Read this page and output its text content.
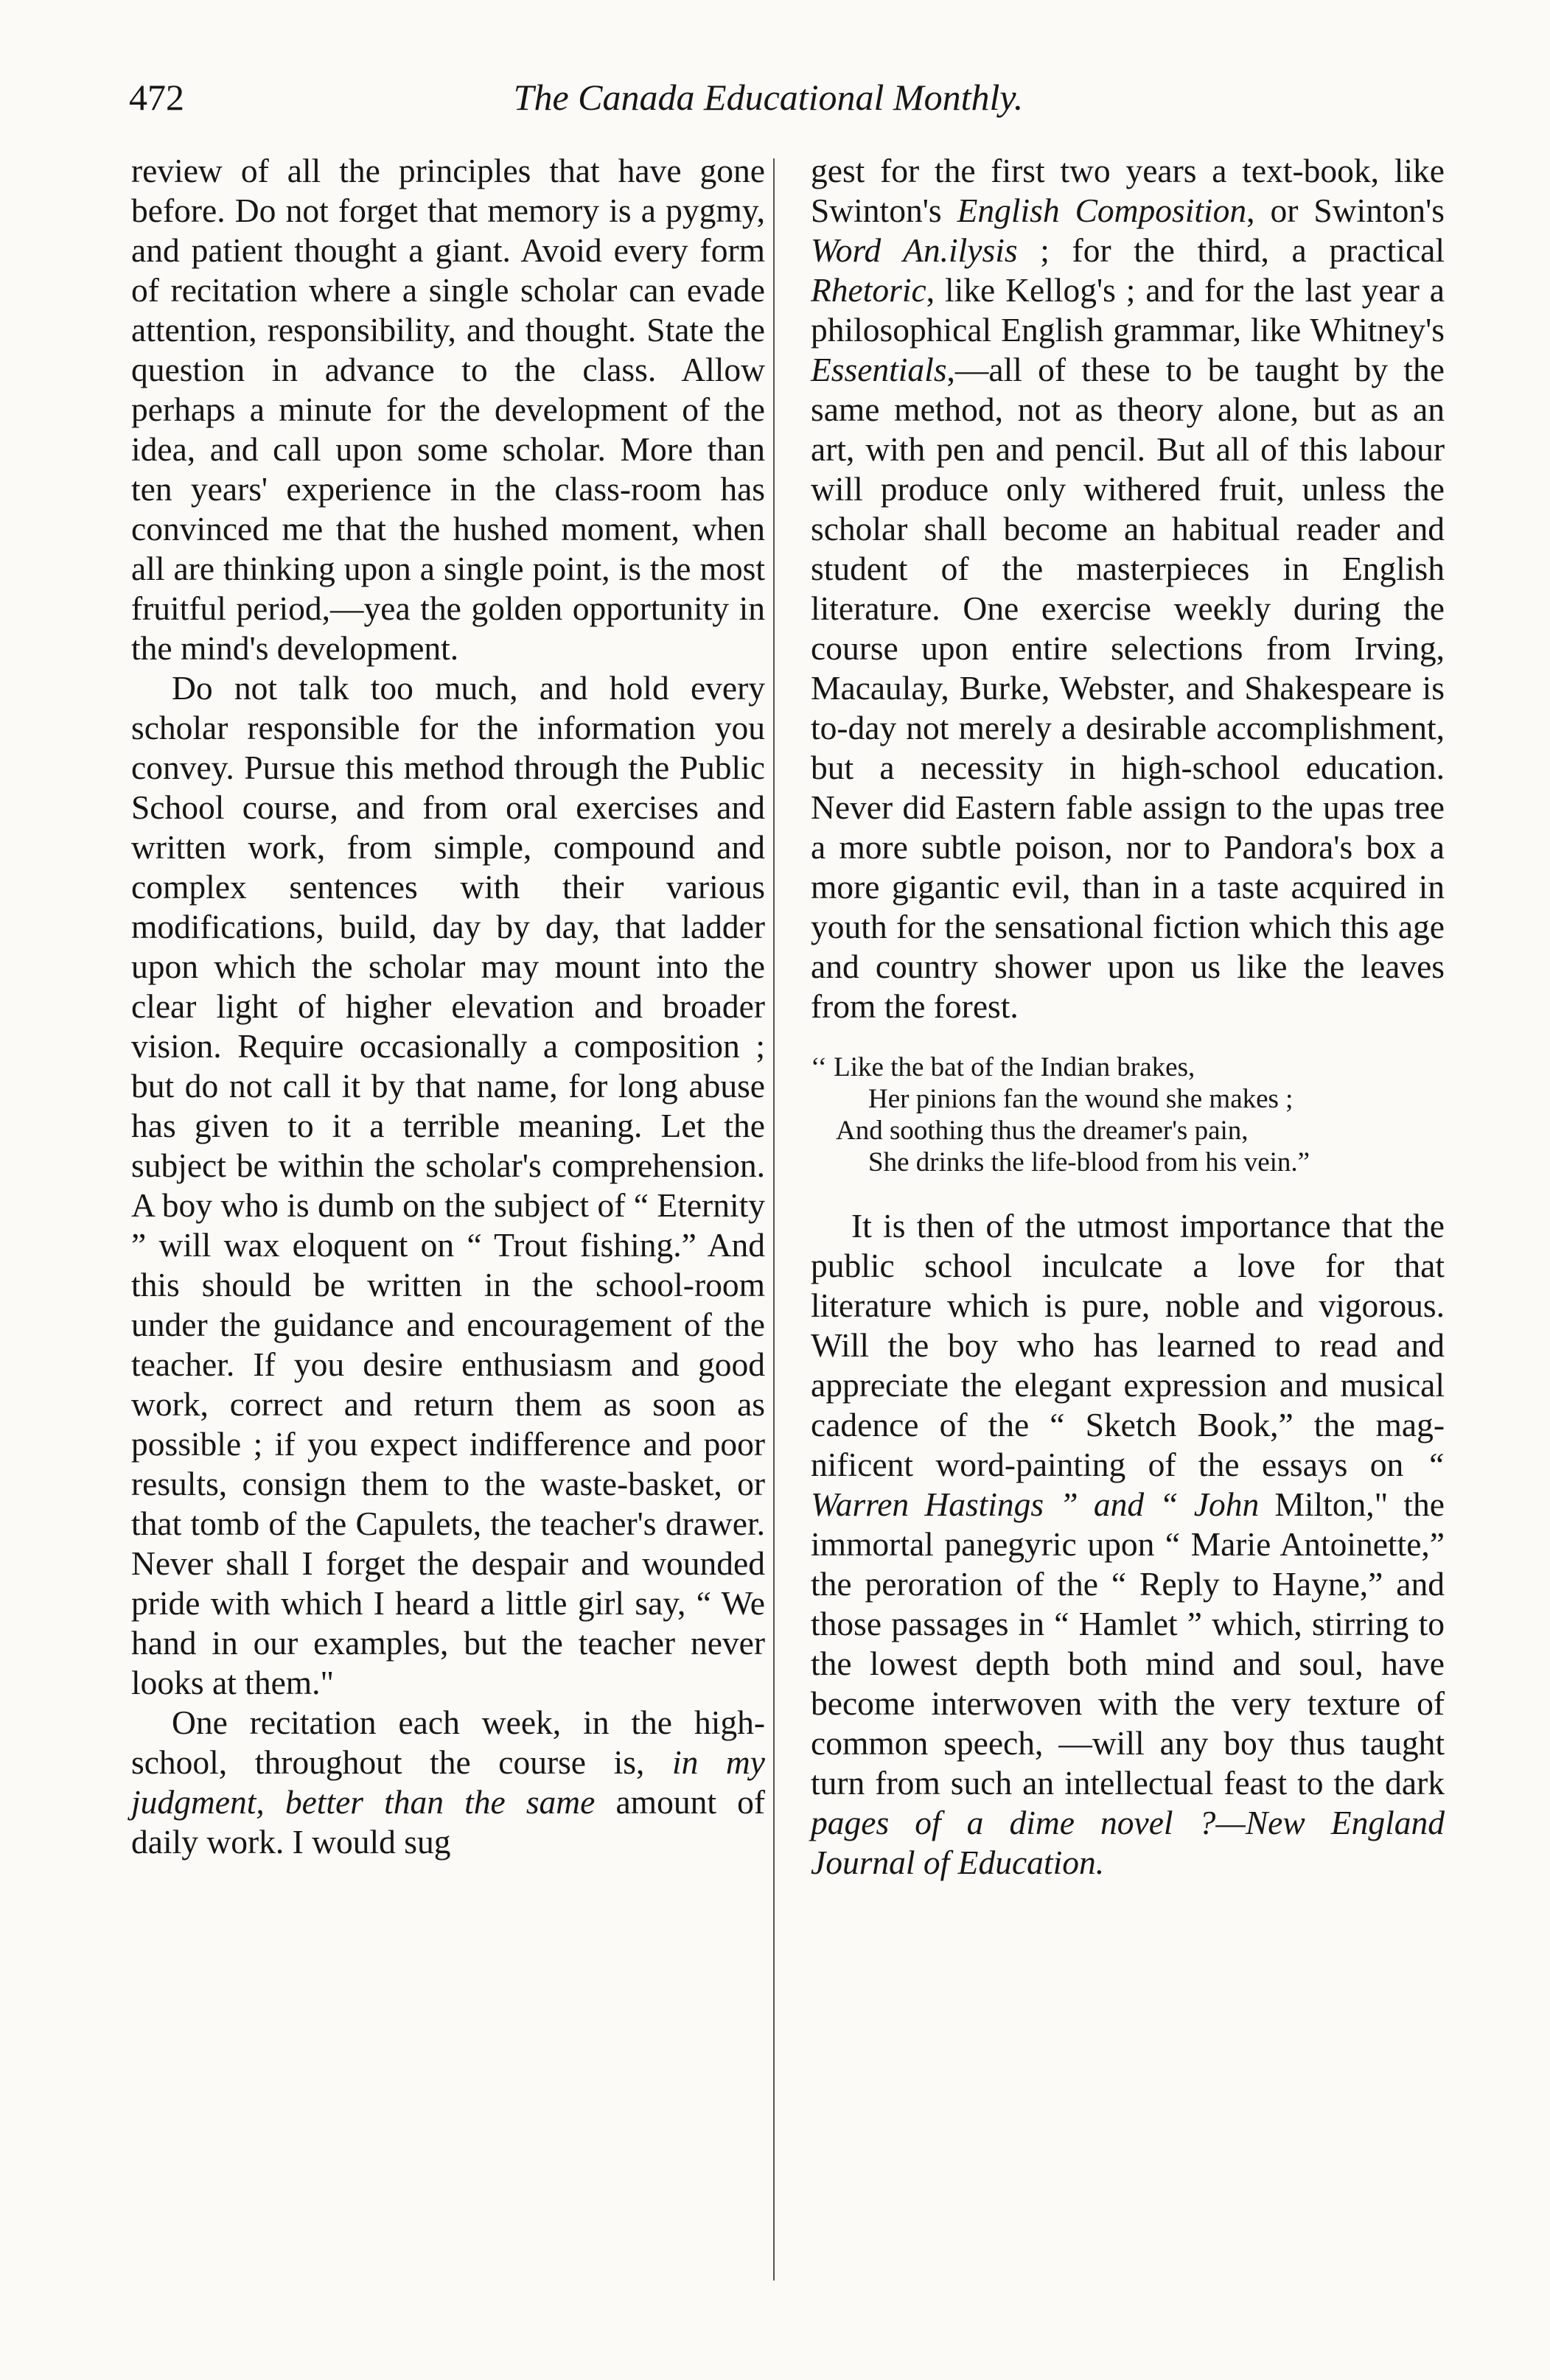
472	The Canada Educational Monthly.

review of all the principles that have gone before. Do not forget that memory is a pygmy, and patient thought a giant. Avoid every form of recitation where a single scholar can evade attention, responsibility, and thought. State the question in advance to the class. Allow perhaps a minute for the development of the idea, and call upon some scholar. More than ten years' experience in the class-room has convinced me that the hushed moment, when all are thinking upon a single point, is the most fruitful period,—yea the golden opportunity in the mind's development.

Do not talk too much, and hold every scholar responsible for the information you convey. Pursue this method through the Public School course, and from oral exercises and written work, from simple, compound and complex sentences with their various modifications, build, day by day, that ladder upon which the scholar may mount into the clear light of higher elevation and broader vision. Require occasionally a composition ; but do not call it by that name, for long abuse has given to it a terrible meaning. Let the subject be within the scholar's comprehension. A boy who is dumb on the subject of “ Eternity ” will wax eloquent on “ Trout fishing.” And this should be written in the school-room under the guidance and encouragement of the teacher. If you desire enthusiasm and good work, correct and return them as soon as possible ; if you expect indifference and poor results, consign them to the waste-basket, or that tomb of the Capulets, the teacher's drawer. Never shall I forget the despair and wounded pride with which I heard a little girl say, “ We hand in our examples, but the teacher never looks at them."

One recitation each week, in the high-school, throughout the course is, in my judgment, better than the same amount of daily work. I would sug

gest for the first two years a text-book, like Swinton's English Composition, or Swinton's Word An.ilysis ; for the third, a practical Rhetoric, like Kellog's ; and for the last year a philosophical English grammar, like Whitney's Essentials,—all of these to be taught by the same method, not as theory alone, but as an art, with pen and pencil. But all of this labour will produce only withered fruit, unless the scholar shall become an habitual reader and student of the masterpieces in English literature. One exercise weekly during the course upon entire selections from Irving, Macaulay, Burke, Webster, and Shakespeare is to-day not merely a desirable accomplishment, but a necessity in high-school education. Never did Eastern fable assign to the upas tree a more subtle poison, nor to Pandora's box a more gigantic evil, than in a taste acquired in youth for the sensational fiction which this age and country shower upon us like the leaves from the forest.

‘‘ Like the bat of the Indian brakes,
Her pinions fan the wound she makes ;
And soothing thus the dreamer's pain,
She drinks the life-blood from his vein.”

It is then of the utmost importance that the public school inculcate a love for that literature which is pure, noble and vigorous. Will the boy who has learned to read and appreciate the elegant expression and musical cadence of the “ Sketch Book,” the magnificent word-painting of the essays on “ Warren Hastings ” and “ John Milton," the immortal panegyric upon “ Marie Antoinette,” the peroration of the “ Reply to Hayne,” and those passages in “ Hamlet ” which, stirring to the lowest depth both mind and soul, have become interwoven with the very texture of common speech, —will any boy thus taught turn from such an intellectual feast to the dark pages of a dime novel ?—New England Journal of Education.
